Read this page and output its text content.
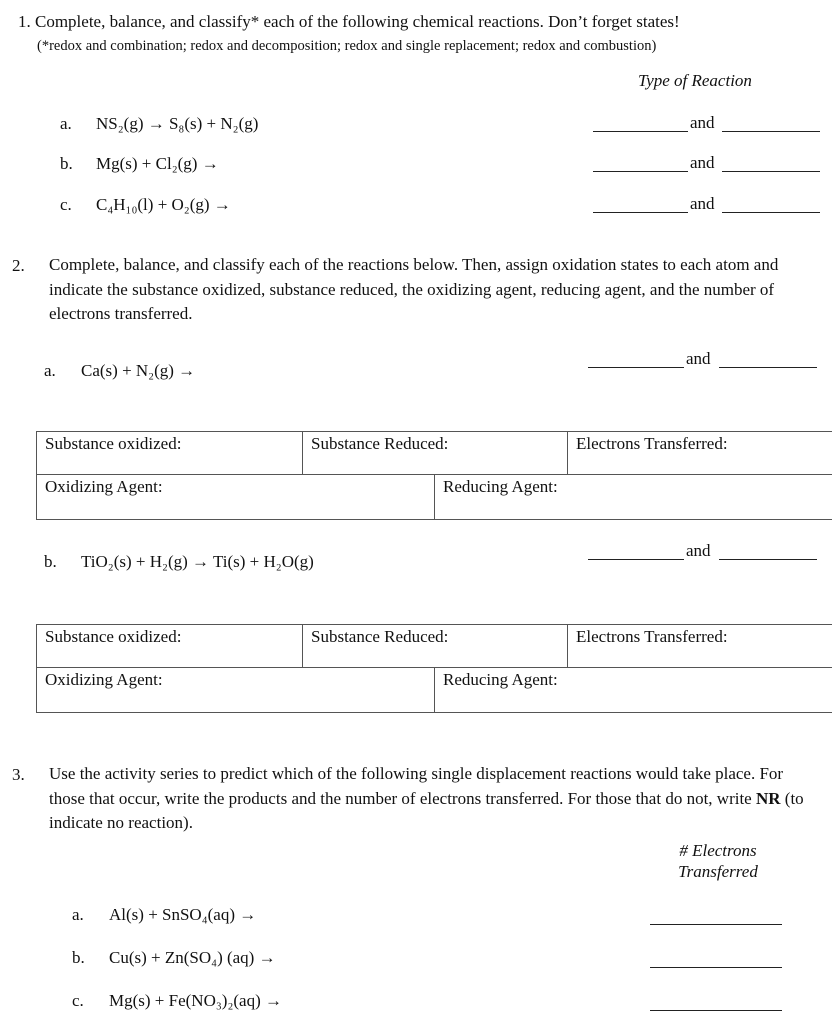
1. Complete, balance, and classify* each of the following chemical reactions. Don’t forget states!
(*redox and combination; redox and decomposition; redox and single replacement; redox and combustion)
Type of Reaction
a. NS₂(g) → S₈(s) + N₂(g)	and
b. Mg(s) + Cl₂(g) →	and
c. C₄H₁₀(l) + O₂(g) →	and
2. Complete, balance, and classify each of the reactions below. Then, assign oxidation states to each atom and indicate the substance oxidized, substance reduced, the oxidizing agent, reducing agent, and the number of electrons transferred.
a. Ca(s) + N₂(g) →
and
Substance oxidized:	Substance Reduced:	Electrons Transferred:
Oxidizing Agent:	Reducing Agent:
b. TiO₂(s) + H₂(g) → Ti(s) + H₂O(g)
and
Substance oxidized:	Substance Reduced:	Electrons Transferred:
Oxidizing Agent:	Reducing Agent:
3. Use the activity series to predict which of the following single displacement reactions would take place. For those that occur, write the products and the number of electrons transferred. For those that do not, write NR (to indicate no reaction).
# Electrons
Transferred
a. Al(s) + SnSO₄(aq) →
b. Cu(s) + Zn(SO₄) (aq) →
c. Mg(s) + Fe(NO₃)₂(aq) →
